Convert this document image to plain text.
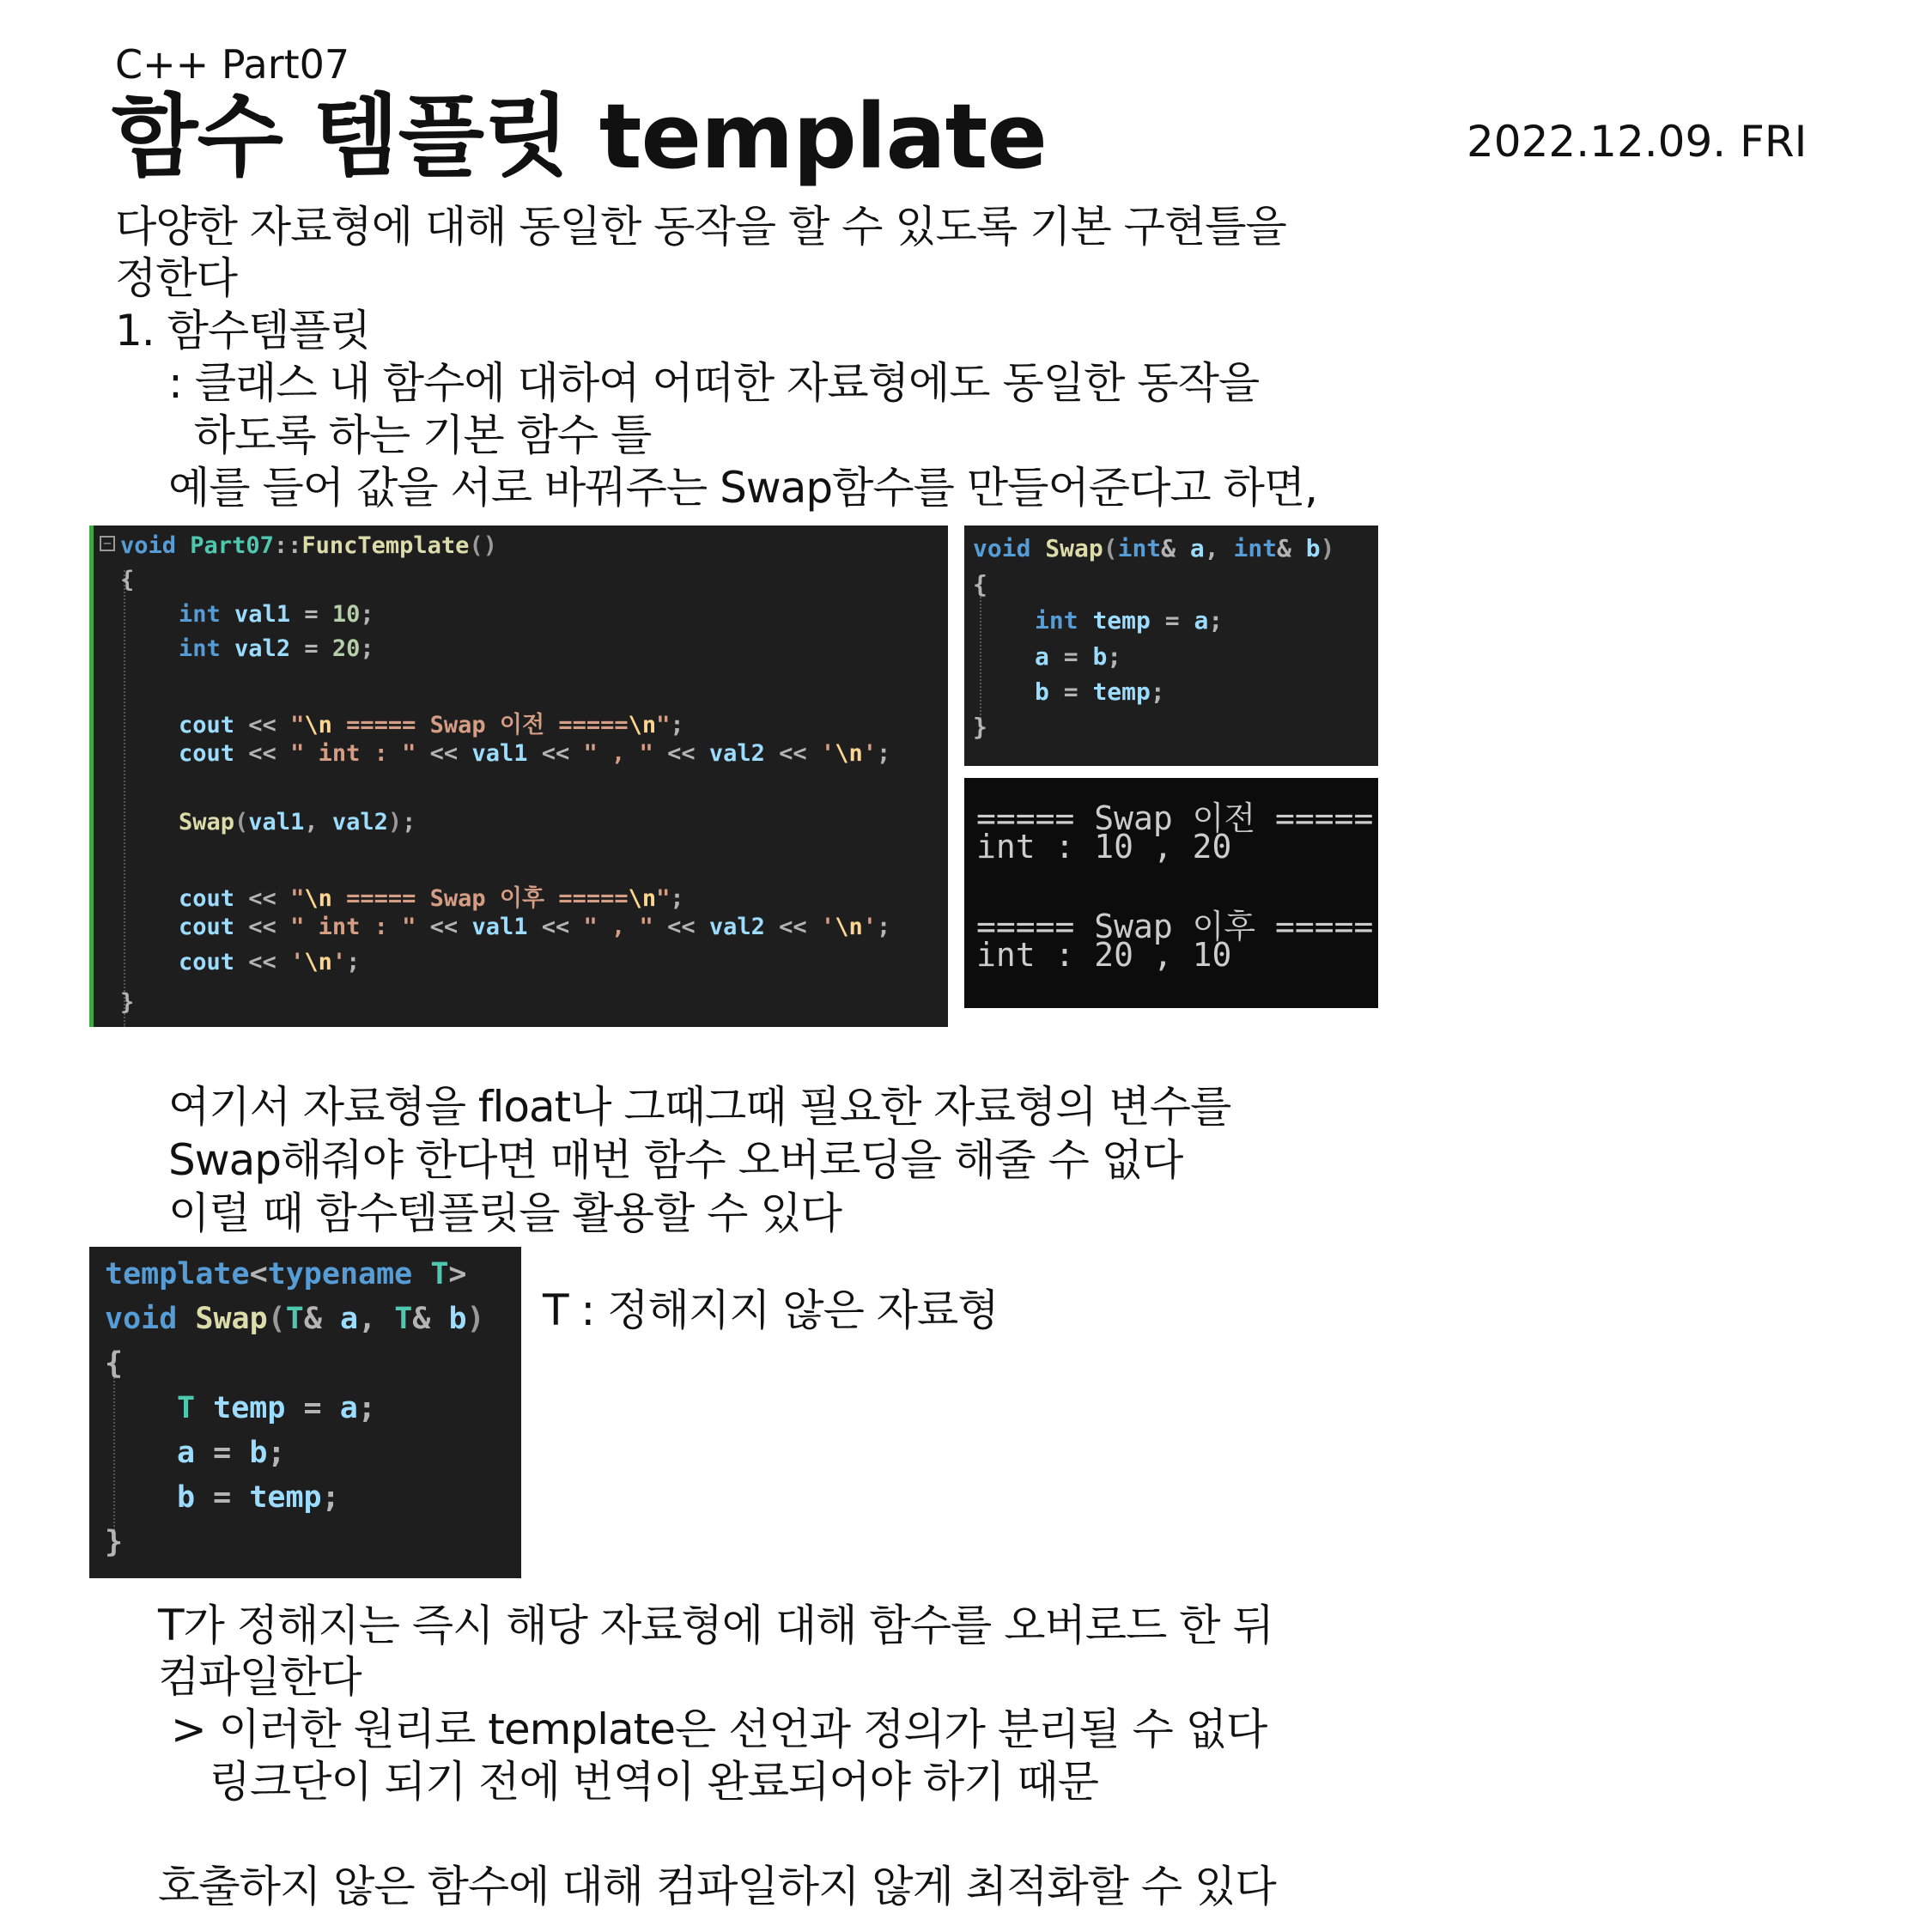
C++ Part07
함수 템플릿 template	2022.12.09. FRI
다양한 자료형에 대해 동일한 동작을 할 수 있도록 기본 구현틀을
정한다
1. 함수템플릿
: 클래스 내 함수에 대하여 어떠한 자료형에도 동일한 동작을
하도록 하는 기본 함수 틀
예를 들어 값을 서로 바꿔주는 Swap함수를 만들어준다고 하면,
− void Part07::FuncTemplate()
{
int val1 = 10;
int val2 = 20;
cout << "\n ===== Swap 이전 =====\n";
cout << " int : " << val1 << " , " << val2 << '\n';
Swap(val1, val2);
cout << "\n ===== Swap 이후 =====\n";
cout << " int : " << val1 << " , " << val2 << '\n';
cout << '\n';
}
void Swap(int& a, int& b)
{
int temp = a;
a = b;
b = temp;
}
===== Swap 이전 =====
int : 10 , 20
===== Swap 이후 =====
int : 20 , 10
여기서 자료형을 float나 그때그때 필요한 자료형의 변수를
Swap해줘야 한다면 매번 함수 오버로딩을 해줄 수 없다
이럴 때 함수템플릿을 활용할 수 있다
template<typename T>
void Swap(T& a, T& b)
{
T temp = a;
a = b;
b = temp;
}
T : 정해지지 않은 자료형
T가 정해지는 즉시 해당 자료형에 대해 함수를 오버로드 한 뒤
컴파일한다
> 이러한 원리로 template은 선언과 정의가 분리될 수 없다
링크단이 되기 전에 번역이 완료되어야 하기 때문
호출하지 않은 함수에 대해 컴파일하지 않게 최적화할 수 있다
